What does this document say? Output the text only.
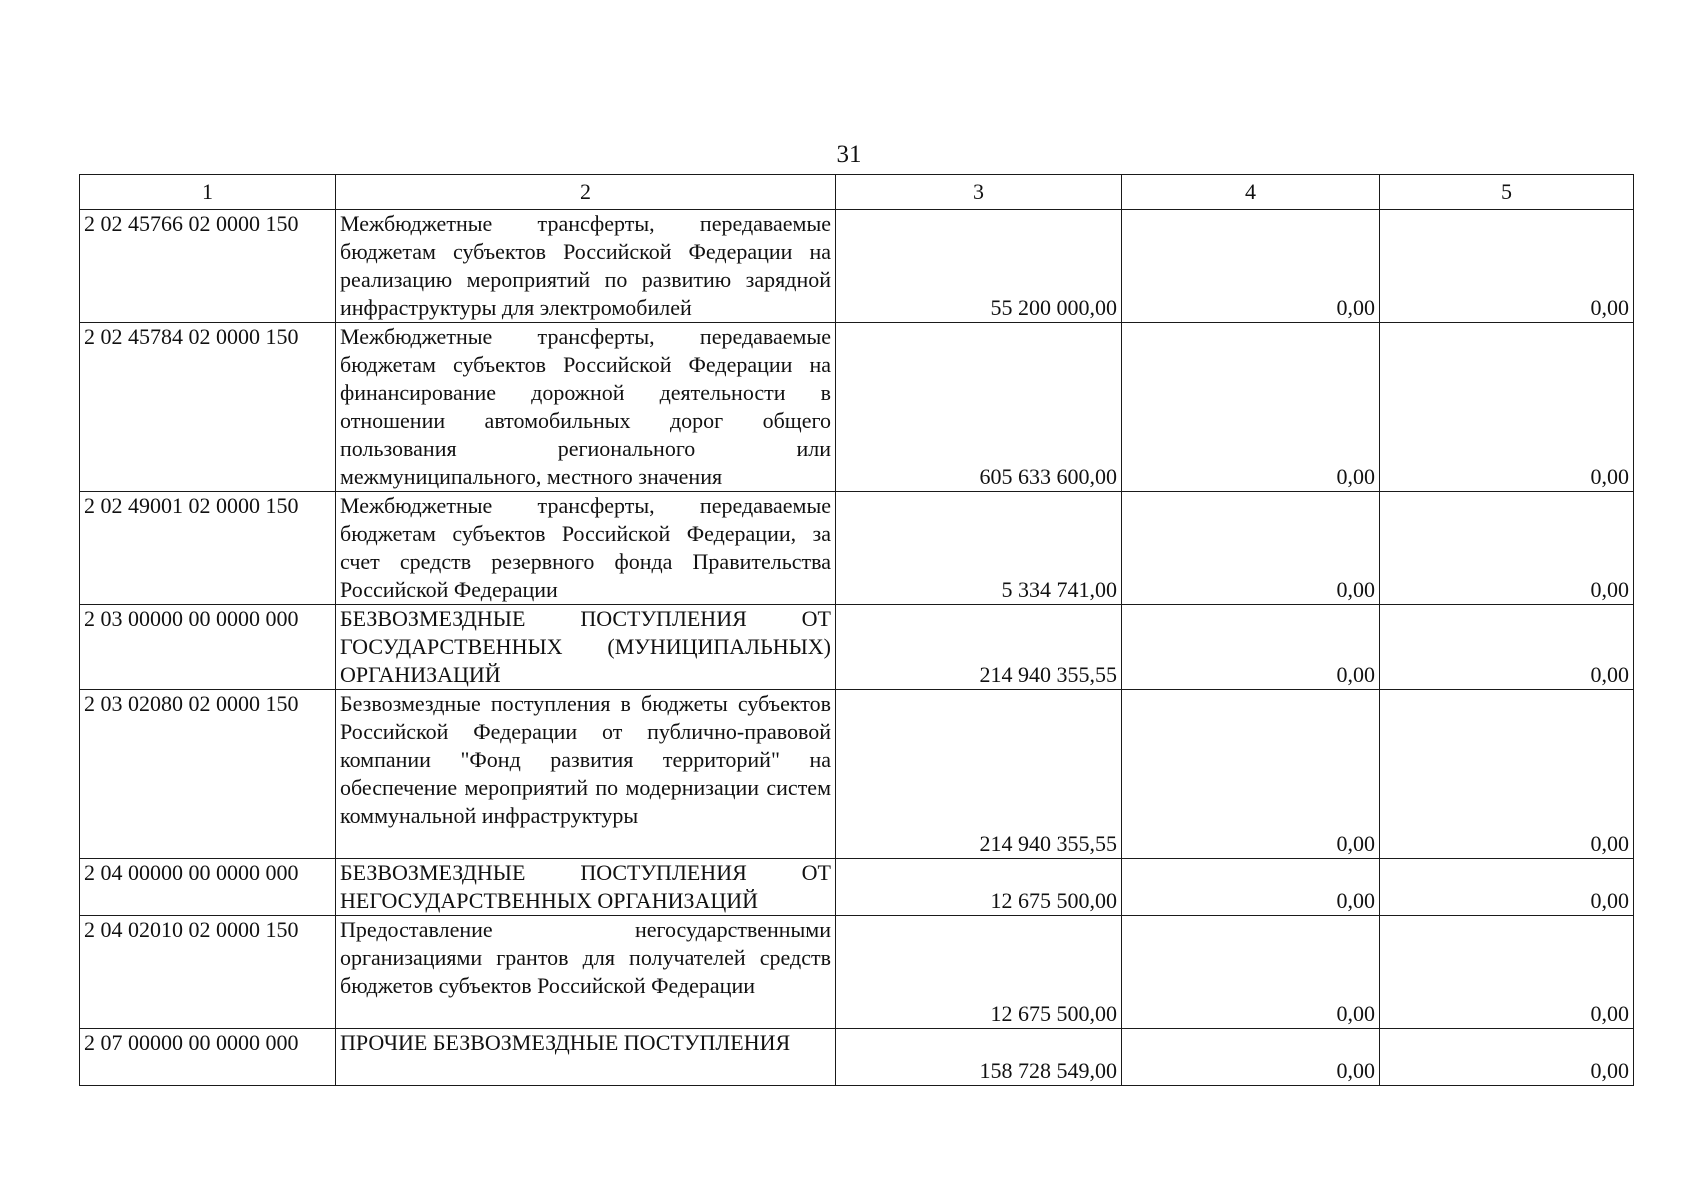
31
1	2	3	4	5
2 02 45766 02 0000 150	Межбюджетные трансферты, передаваемые бюджетам субъектов Российской Федерации на реализацию мероприятий по развитию зарядной инфраструктуры для электромобилей	55 200 000,00	0,00	0,00
2 02 45784 02 0000 150	Межбюджетные трансферты, передаваемые бюджетам субъектов Российской Федерации на финансирование дорожной деятельности в отношении автомобильных дорог общего пользования регионального или межмуниципального, местного значения	605 633 600,00	0,00	0,00
2 02 49001 02 0000 150	Межбюджетные трансферты, передаваемые бюджетам субъектов Российской Федерации, за счет средств резервного фонда Правительства Российской Федерации	5 334 741,00	0,00	0,00
2 03 00000 00 0000 000	БЕЗВОЗМЕЗДНЫЕ ПОСТУПЛЕНИЯ ОТ ГОСУДАРСТВЕННЫХ (МУНИЦИПАЛЬНЫХ) ОРГАНИЗАЦИЙ	214 940 355,55	0,00	0,00
2 03 02080 02 0000 150	Безвозмездные поступления в бюджеты субъектов Российской Федерации от публично-правовой компании "Фонд развития территорий" на обеспечение мероприятий по модернизации систем коммунальной инфраструктуры	214 940 355,55	0,00	0,00
2 04 00000 00 0000 000	БЕЗВОЗМЕЗДНЫЕ ПОСТУПЛЕНИЯ ОТ НЕГОСУДАРСТВЕННЫХ ОРГАНИЗАЦИЙ	12 675 500,00	0,00	0,00
2 04 02010 02 0000 150	Предоставление негосударственными организациями грантов для получателей средств бюджетов субъектов Российской Федерации	12 675 500,00	0,00	0,00
2 07 00000 00 0000 000	ПРОЧИЕ БЕЗВОЗМЕЗДНЫЕ ПОСТУПЛЕНИЯ	158 728 549,00	0,00	0,00
